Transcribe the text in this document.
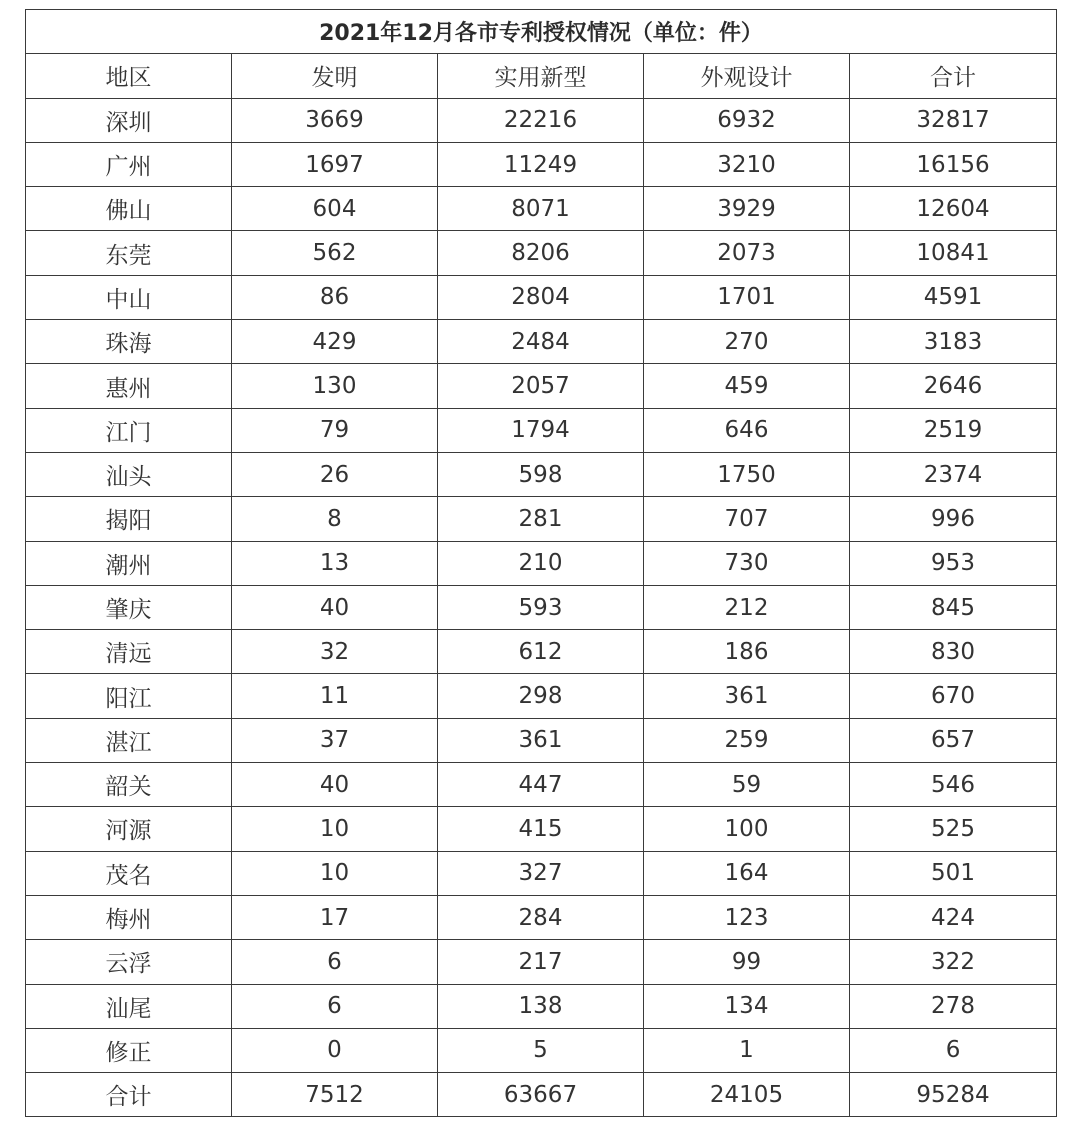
2021年12月各市专利授权情况（单位：件）				
地区	发明	实用新型	外观设计	合计
深圳	3669	22216	6932	32817
广州	1697	11249	3210	16156
佛山	604	8071	3929	12604
东莞	562	8206	2073	10841
中山	86	2804	1701	4591
珠海	429	2484	270	3183
惠州	130	2057	459	2646
江门	79	1794	646	2519
汕头	26	598	1750	2374
揭阳	8	281	707	996
潮州	13	210	730	953
肇庆	40	593	212	845
清远	32	612	186	830
阳江	11	298	361	670
湛江	37	361	259	657
韶关	40	447	59	546
河源	10	415	100	525
茂名	10	327	164	501
梅州	17	284	123	424
云浮	6	217	99	322
汕尾	6	138	134	278
修正	0	5	1	6
合计	7512	63667	24105	95284
